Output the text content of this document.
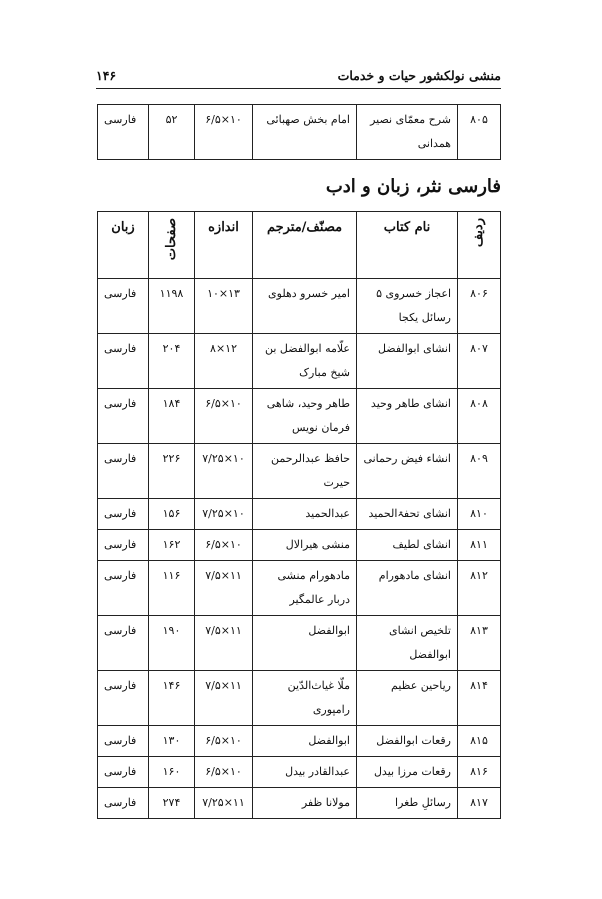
۱۴۶	منشی نولکشور حیات و خدمات
۸۰۵	شرح معمّای نصیر همدانی	امام بخش صهبائی	۱۰×۶/۵	۵۲	فارسی
فارسی نثر، زبان و ادب
ردیف	نام کتاب	مصنّف/مترجم	اندازه	صفحات	زبان
۸۰۶	اعجاز خسروی ۵ رسائل یکجا	امیر خسرو دهلوی	۱۳×۱۰	۱۱۹۸	فارسی
۸۰۷	انشای ابوالفضل	علّامه ابوالفضل بن شیخ مبارک	۱۲×۸	۲۰۴	فارسی
۸۰۸	انشای طاهر وحید	طاهر وحید، شاهی فرمان نویس	۱۰×۶/۵	۱۸۴	فارسی
۸۰۹	انشاء فیض رحمانی	حافظ عبدالرحمن حیرت	۱۰×۷/۲۵	۲۲۶	فارسی
۸۱۰	انشای تحفۃالحمید	عبدالحمید	۱۰×۷/۲۵	۱۵۶	فارسی
۸۱۱	انشای لطیف	منشی هیرالال	۱۰×۶/۵	۱۶۲	فارسی
۸۱۲	انشای مادهورام	مادهورام منشی دربار عالمگیر	۱۱×۷/۵	۱۱۶	فارسی
۸۱۳	تلخیص انشای ابوالفضل	ابوالفضل	۱۱×۷/۵	۱۹۰	فارسی
۸۱۴	ریاحین عظیم	ملّا غیاث‌الدّین رامپوری	۱۱×۷/۵	۱۴۶	فارسی
۸۱۵	رقعات ابوالفضل	ابوالفضل	۱۰×۶/۵	۱۳۰	فارسی
۸۱۶	رقعات مرزا بیدل	عبدالقادر بیدل	۱۰×۶/۵	۱۶۰	فارسی
۸۱۷	رسائلِ طغرا	مولانا ظفر	۱۱×۷/۲۵	۲۷۴	فارسی
